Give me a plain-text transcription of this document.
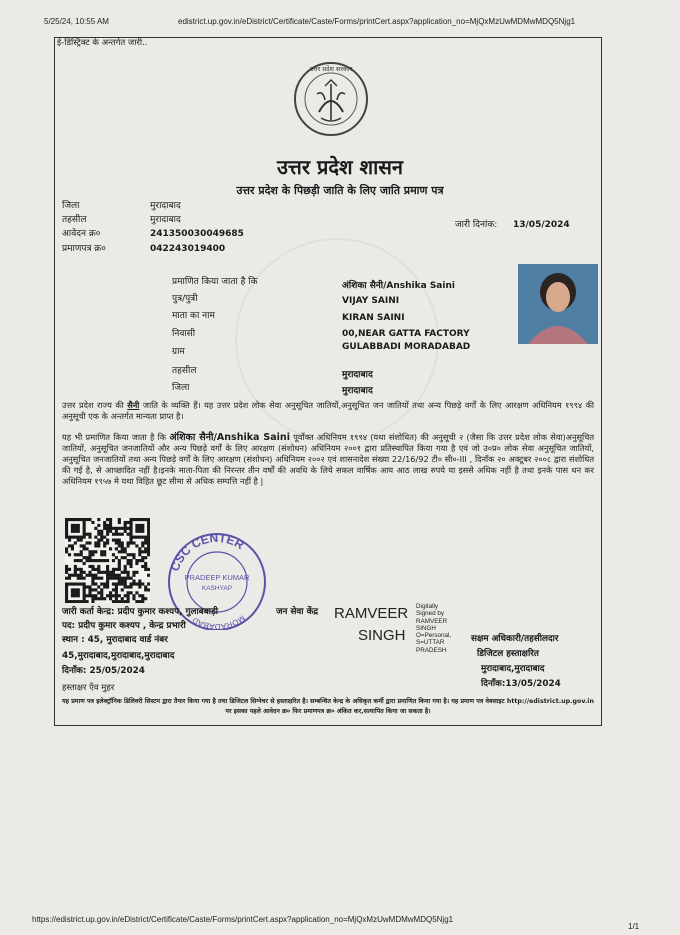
5/25/24, 10:55 AM	edistrict.up.gov.in/eDistrict/Certificate/Caste/Forms/printCert.aspx?application_no=MjQxMzUwMDMwMDQ5Njg1
ई-डिस्ट्रिक्ट के अन्तर्गत जारी..
उत्तर प्रदेश सरकार
उत्तर प्रदेश शासन
उत्तर प्रदेश के पिछड़ी जाति के लिए जाति प्रमाण पत्र
जिला	मुरादाबाद
तहसील	मुरादाबाद
आवेदन क्र०	241350030049685
प्रमाणपत्र क्र०	042243019400
जारी दिनांक: 13/05/2024
प्रमाणित किया जाता है कि	अंशिका सैनी/Anshika Saini
पुत्र/पुत्री	VIJAY SAINI
माता का नाम	KIRAN SAINI
निवासी	00,NEAR GATTA FACTORY
ग्राम	GULABBADI MORADABAD
तहसील	मुरादाबाद
जिला	मुरादाबाद
उत्तर प्रदेश राज्य की सैनी जाति के व्यक्ति हैं। यह उत्तर प्रदेश लोक सेवा अनुसूचित जातियों,अनुसूचित जन जातियों तथा अन्य पिछड़े वर्गों के लिए आरक्षण अधिनियम १९९४ की अनुसूची एक के अन्तर्गत मान्यता प्राप्त है।
यह भी प्रमाणित किया जाता है कि अंशिका सैनी/Anshika Saini पूर्वोक्त अधिनियम १९९४ (यथा संशोधित) की अनुसूची २ (जैसा कि उत्तर प्रदेश लोक सेवा)अनुसूचित जातियों, अनुसूचित जनजातियों और अन्य पिछड़े वर्गों के लिए आरक्षण (संशोधन) अधिनियम २००१ द्वारा प्रतिस्थापित किया गया है एवं जो उ०प्र० लोक सेवा अनुसूचित जातियों, अनुसूचित जनजातियों तथा अन्य पिछड़े वर्गों के लिए आरक्षण (संशोधन) अधिनियम २००२ एवं शासनादेश संख्या 22/16/92 टी० सी०-III , दिनाँक २० अक्टूबर २००८ द्वारा संशोधित की गई है, से आच्छादित नहीं है।इनके माता-पिता की निरन्तर तीन वर्षों की अवधि के लिये सकल वार्षिक आय आठ लाख रुपये या इससे अधिक नहीं है तथा इनके पास धन कर अधिनियम १९५७ मे यथा विहित छूट सीमा से अधिक सम्पत्ति नहीं है |
CSC CENTER
MORADABAD
PRADEEP KUMAR
KASHYAP
जारी कर्ता केन्द्र: प्रदीप कुमार कश्यप, गुलाबबाड़ी	जन सेवा केंद्र
पद: प्रदीप कुमार कश्यप , केन्द्र प्रभारी
स्थान : 45, मुरादाबाद वार्ड नंबर
45,मुरादाबाद,मुरादाबाद,मुरादाबाद
दिनाँक: 25/05/2024
हस्ताक्षर एँव मुहर
RAMVEER
SINGH
Digitally
Signed by
RAMVEER
SINGH
O=Personal,
S=UTTAR
PRADESH
सक्षम अधिकारी/तहसीलदार
डिजिटल हस्ताक्षरित
मुरादाबाद,मुरादाबाद
दिनाँक:13/05/2024
यह प्रमाण पत्र इलेक्ट्रॉनिक डिलिवरी सिस्टम द्वारा तैयार किया गया है तथा डिजिटल सिग्नेचर से हस्ताक्षरित है। सम्बन्धित केन्द्र के अधिकृत कर्मी द्वारा प्रमाणित किया गया है। यह प्रमाण पत्र वेबसाइट http://edistrict.up.gov.in पर इसका पहले आवेदन क्र० फिर प्रमाणपत्र क्र० अंकित कर,सत्यापित किया जा सकता है।
https://edistrict.up.gov.in/eDistrict/Certificate/Caste/Forms/printCert.aspx?application_no=MjQxMzUwMDMwMDQ5Njg1
1/1
